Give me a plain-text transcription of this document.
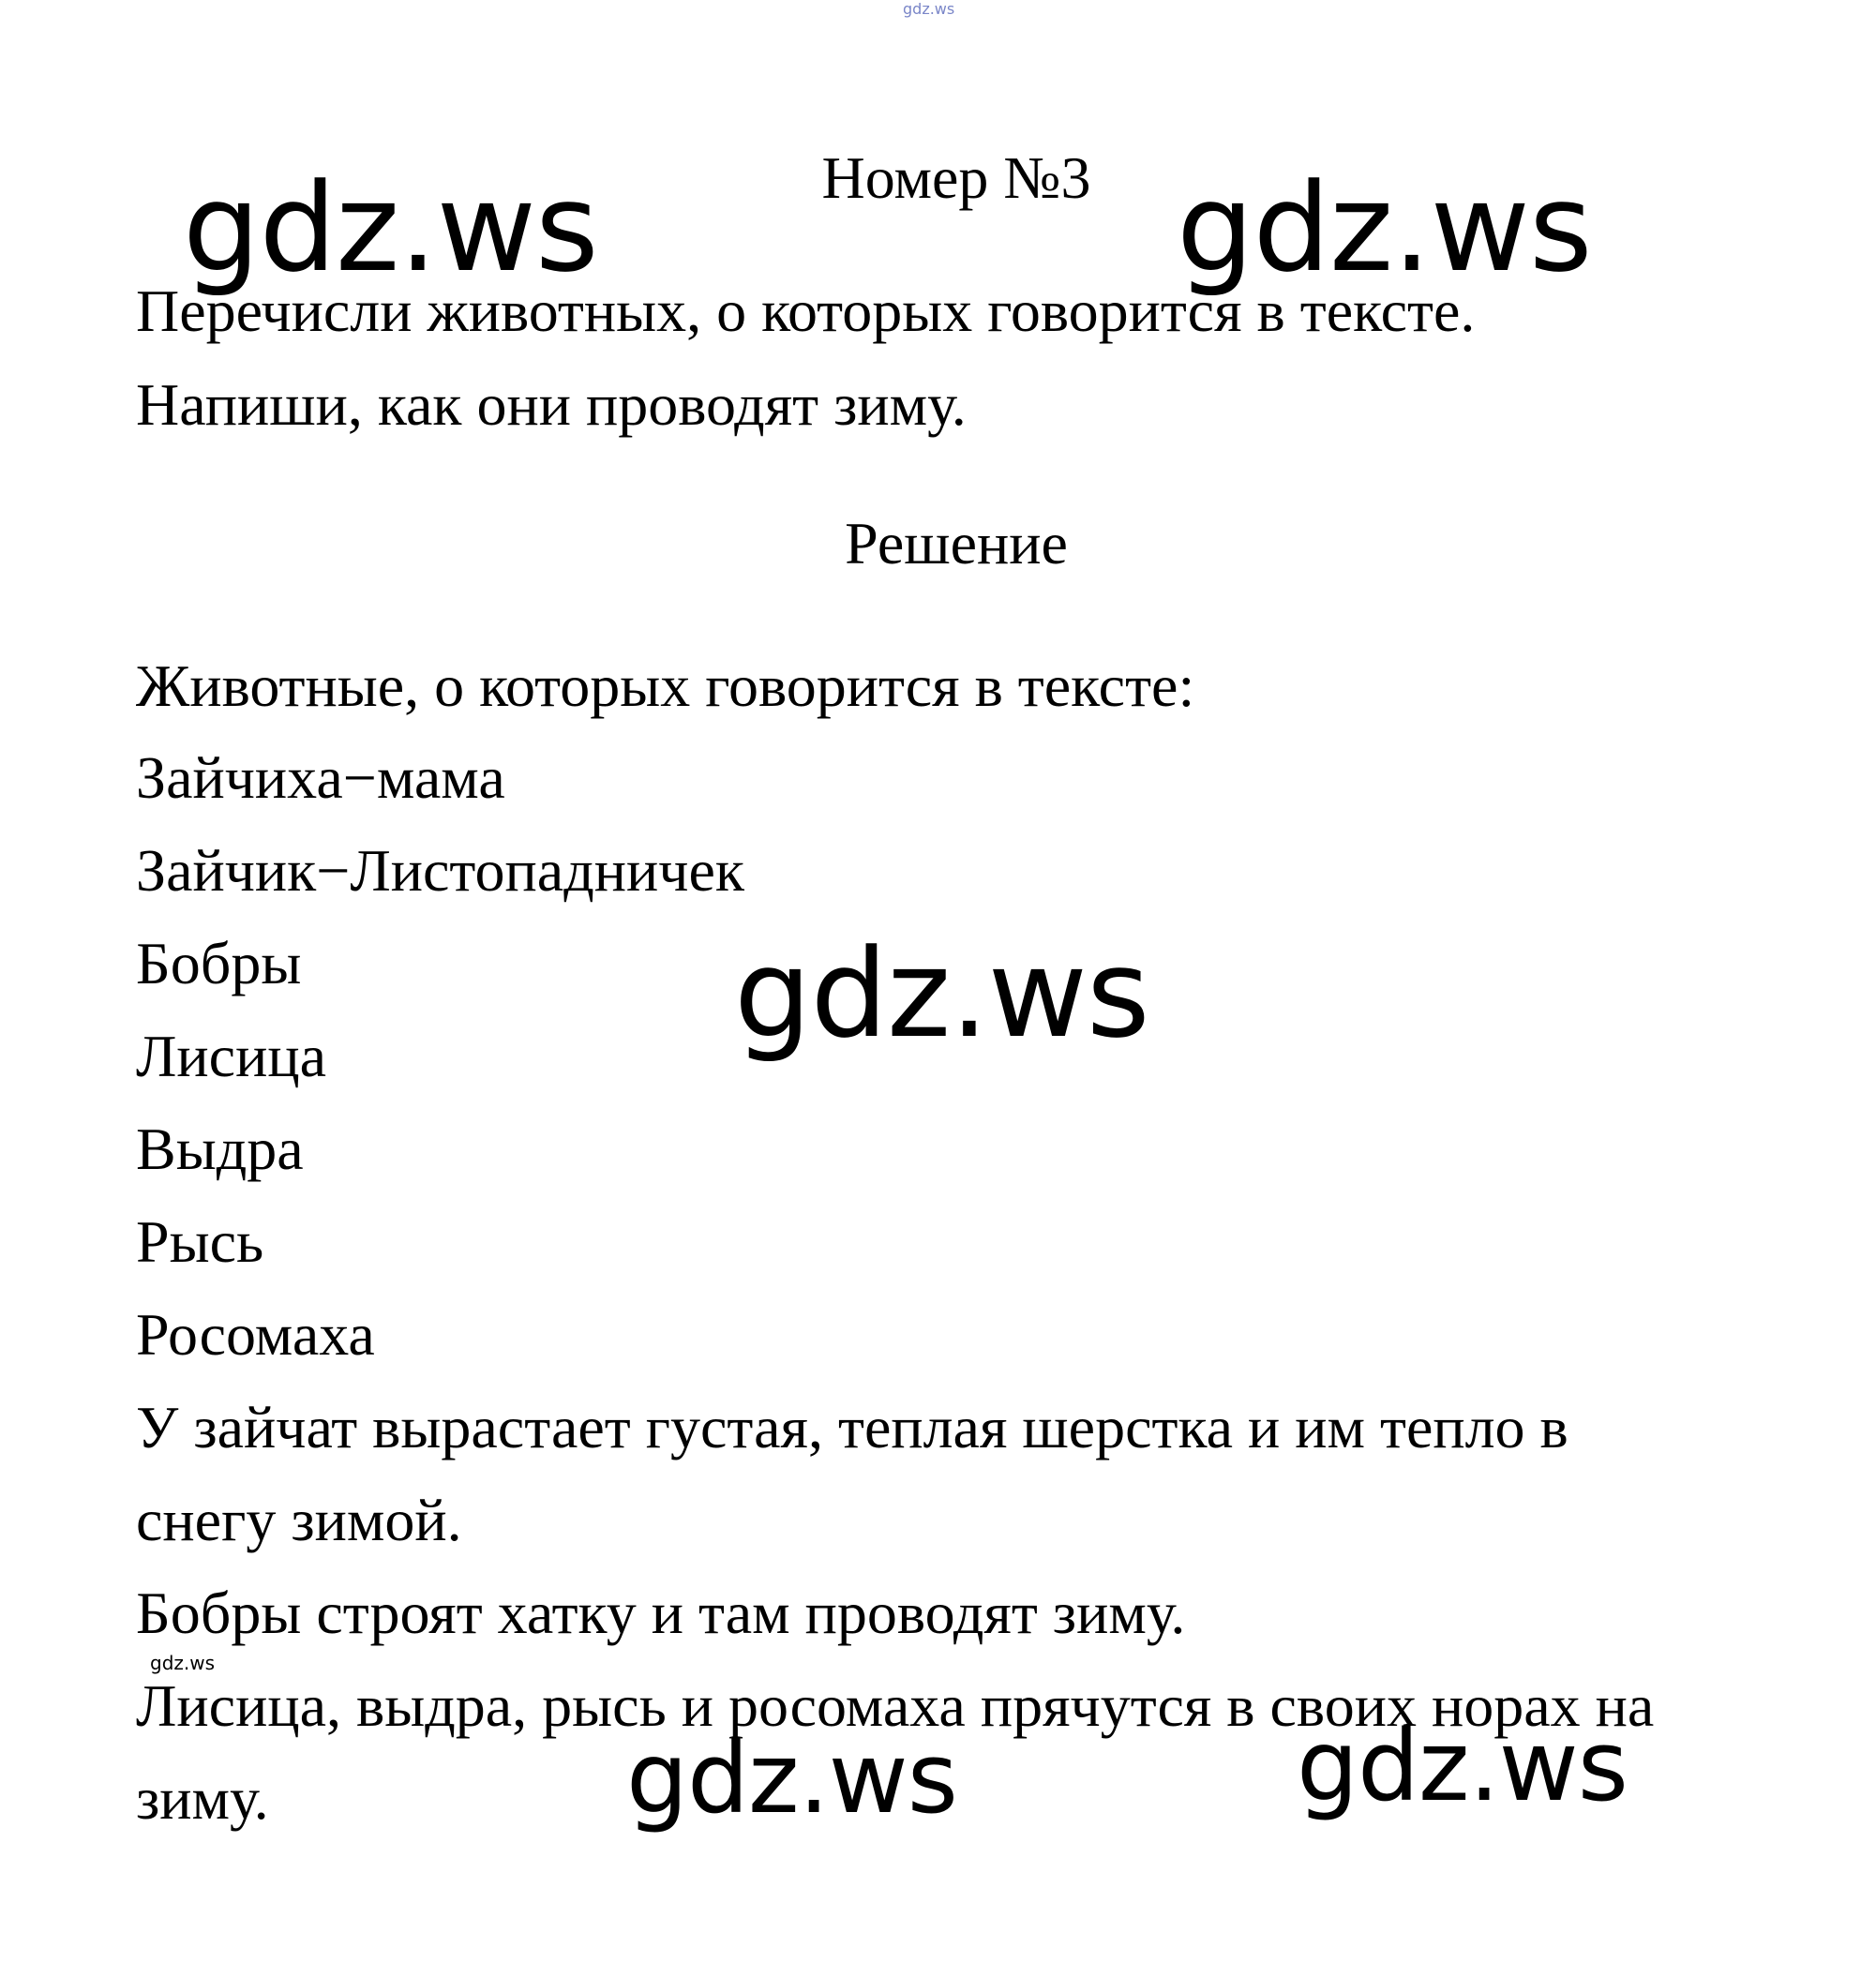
gdz.ws
Номер №3
gdz.ws	gdz.ws
Перечисли животных, о которых говорится в тексте.
Напиши, как они проводят зиму.
Решение
Животные, о которых говорится в тексте:
Зайчиха−мама
Зайчик−Листопадничек
Бобры
Лисица
Выдра
Рысь
Росомаха
gdz.ws
У зайчат вырастает густая, теплая шерстка и им тепло в
снегу зимой.
Бобры строят хатку и там проводят зиму.
gdz.ws
Лисица, выдра, рысь и росомаха прячутся в своих норах на
зиму.	gdz.ws	gdz.ws
